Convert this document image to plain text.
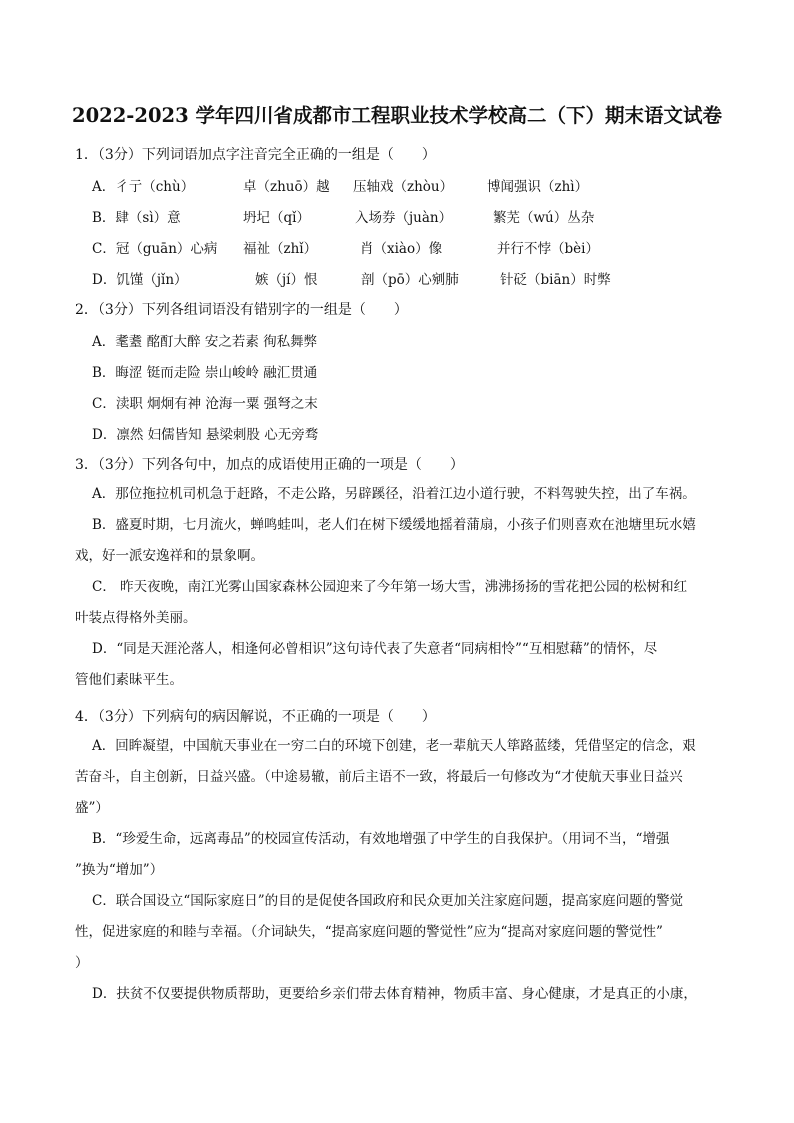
2022-2023 学年四川省成都市工程职业技术学校高二（下）期末语文试卷
1．（3分）下列词语加点字注音完全正确的一组是（　　）
A．彳亍（chù）	卓（zhuō）越 压轴戏（zhòu）	博闻强识（zhì）
B．肆（sì）意	坍圮（qǐ）	入场券（juàn）	繁芜（wú）丛杂
C．冠（guān）心病 福祉（zhǐ）	肖（xiào）像	并行不悖（bèi）
D．饥馑（jǐn）	嫉（jí）恨	剖（pō）心剜肺	针砭（biān）时弊
2．（3分）下列各组词语没有错别字的一组是（　　）
A．耄耋 酩酊大醉 安之若素 徇私舞弊
B．晦涩 铤而走险 崇山峻岭 融汇贯通
C．渎职 炯炯有神 沧海一粟 强弩之末
D．凛然 妇儒皆知 悬梁刺股 心无旁骛
3．（3分）下列各句中，加点的成语使用正确的一项是（　　）
A．那位拖拉机司机急于赶路，不走公路，另辟蹊径，沿着江边小道行驶，不料驾驶失控，出了车祸。
B．盛夏时期，七月流火，蝉鸣蛙叫，老人们在树下缓缓地摇着蒲扇，小孩子们则喜欢在池塘里玩水嬉
戏，好一派安逸祥和的景象啊。
C． 昨天夜晚，南江光雾山国家森林公园迎来了今年第一场大雪，沸沸扬扬的雪花把公园的松树和红
叶装点得格外美丽。
D．“同是天涯沦落人，相逢何必曾相识”这句诗代表了失意者“同病相怜”“互相慰藉”的情怀，尽
管他们素昧平生。
4．（3分）下列病句的病因解说，不正确的一项是（　　）
A．回眸凝望，中国航天事业在一穷二白的环境下创建，老一辈航天人筚路蓝缕，凭借坚定的信念，艰
苦奋斗，自主创新，日益兴盛。（中途易辙，前后主语不一致，将最后一句修改为“才使航天事业日益兴
盛”）
B．“珍爱生命，远离毒品”的校园宣传活动，有效地增强了中学生的自我保护。（用词不当，“增强
”换为“增加”）
C．联合国设立“国际家庭日”的目的是促使各国政府和民众更加关注家庭问题，提高家庭问题的警觉
性，促进家庭的和睦与幸福。（介词缺失，“提高家庭问题的警觉性”应为“提高对家庭问题的警觉性”
）
D．扶贫不仅要提供物质帮助，更要给乡亲们带去体育精神，物质丰富、身心健康，才是真正的小康，
